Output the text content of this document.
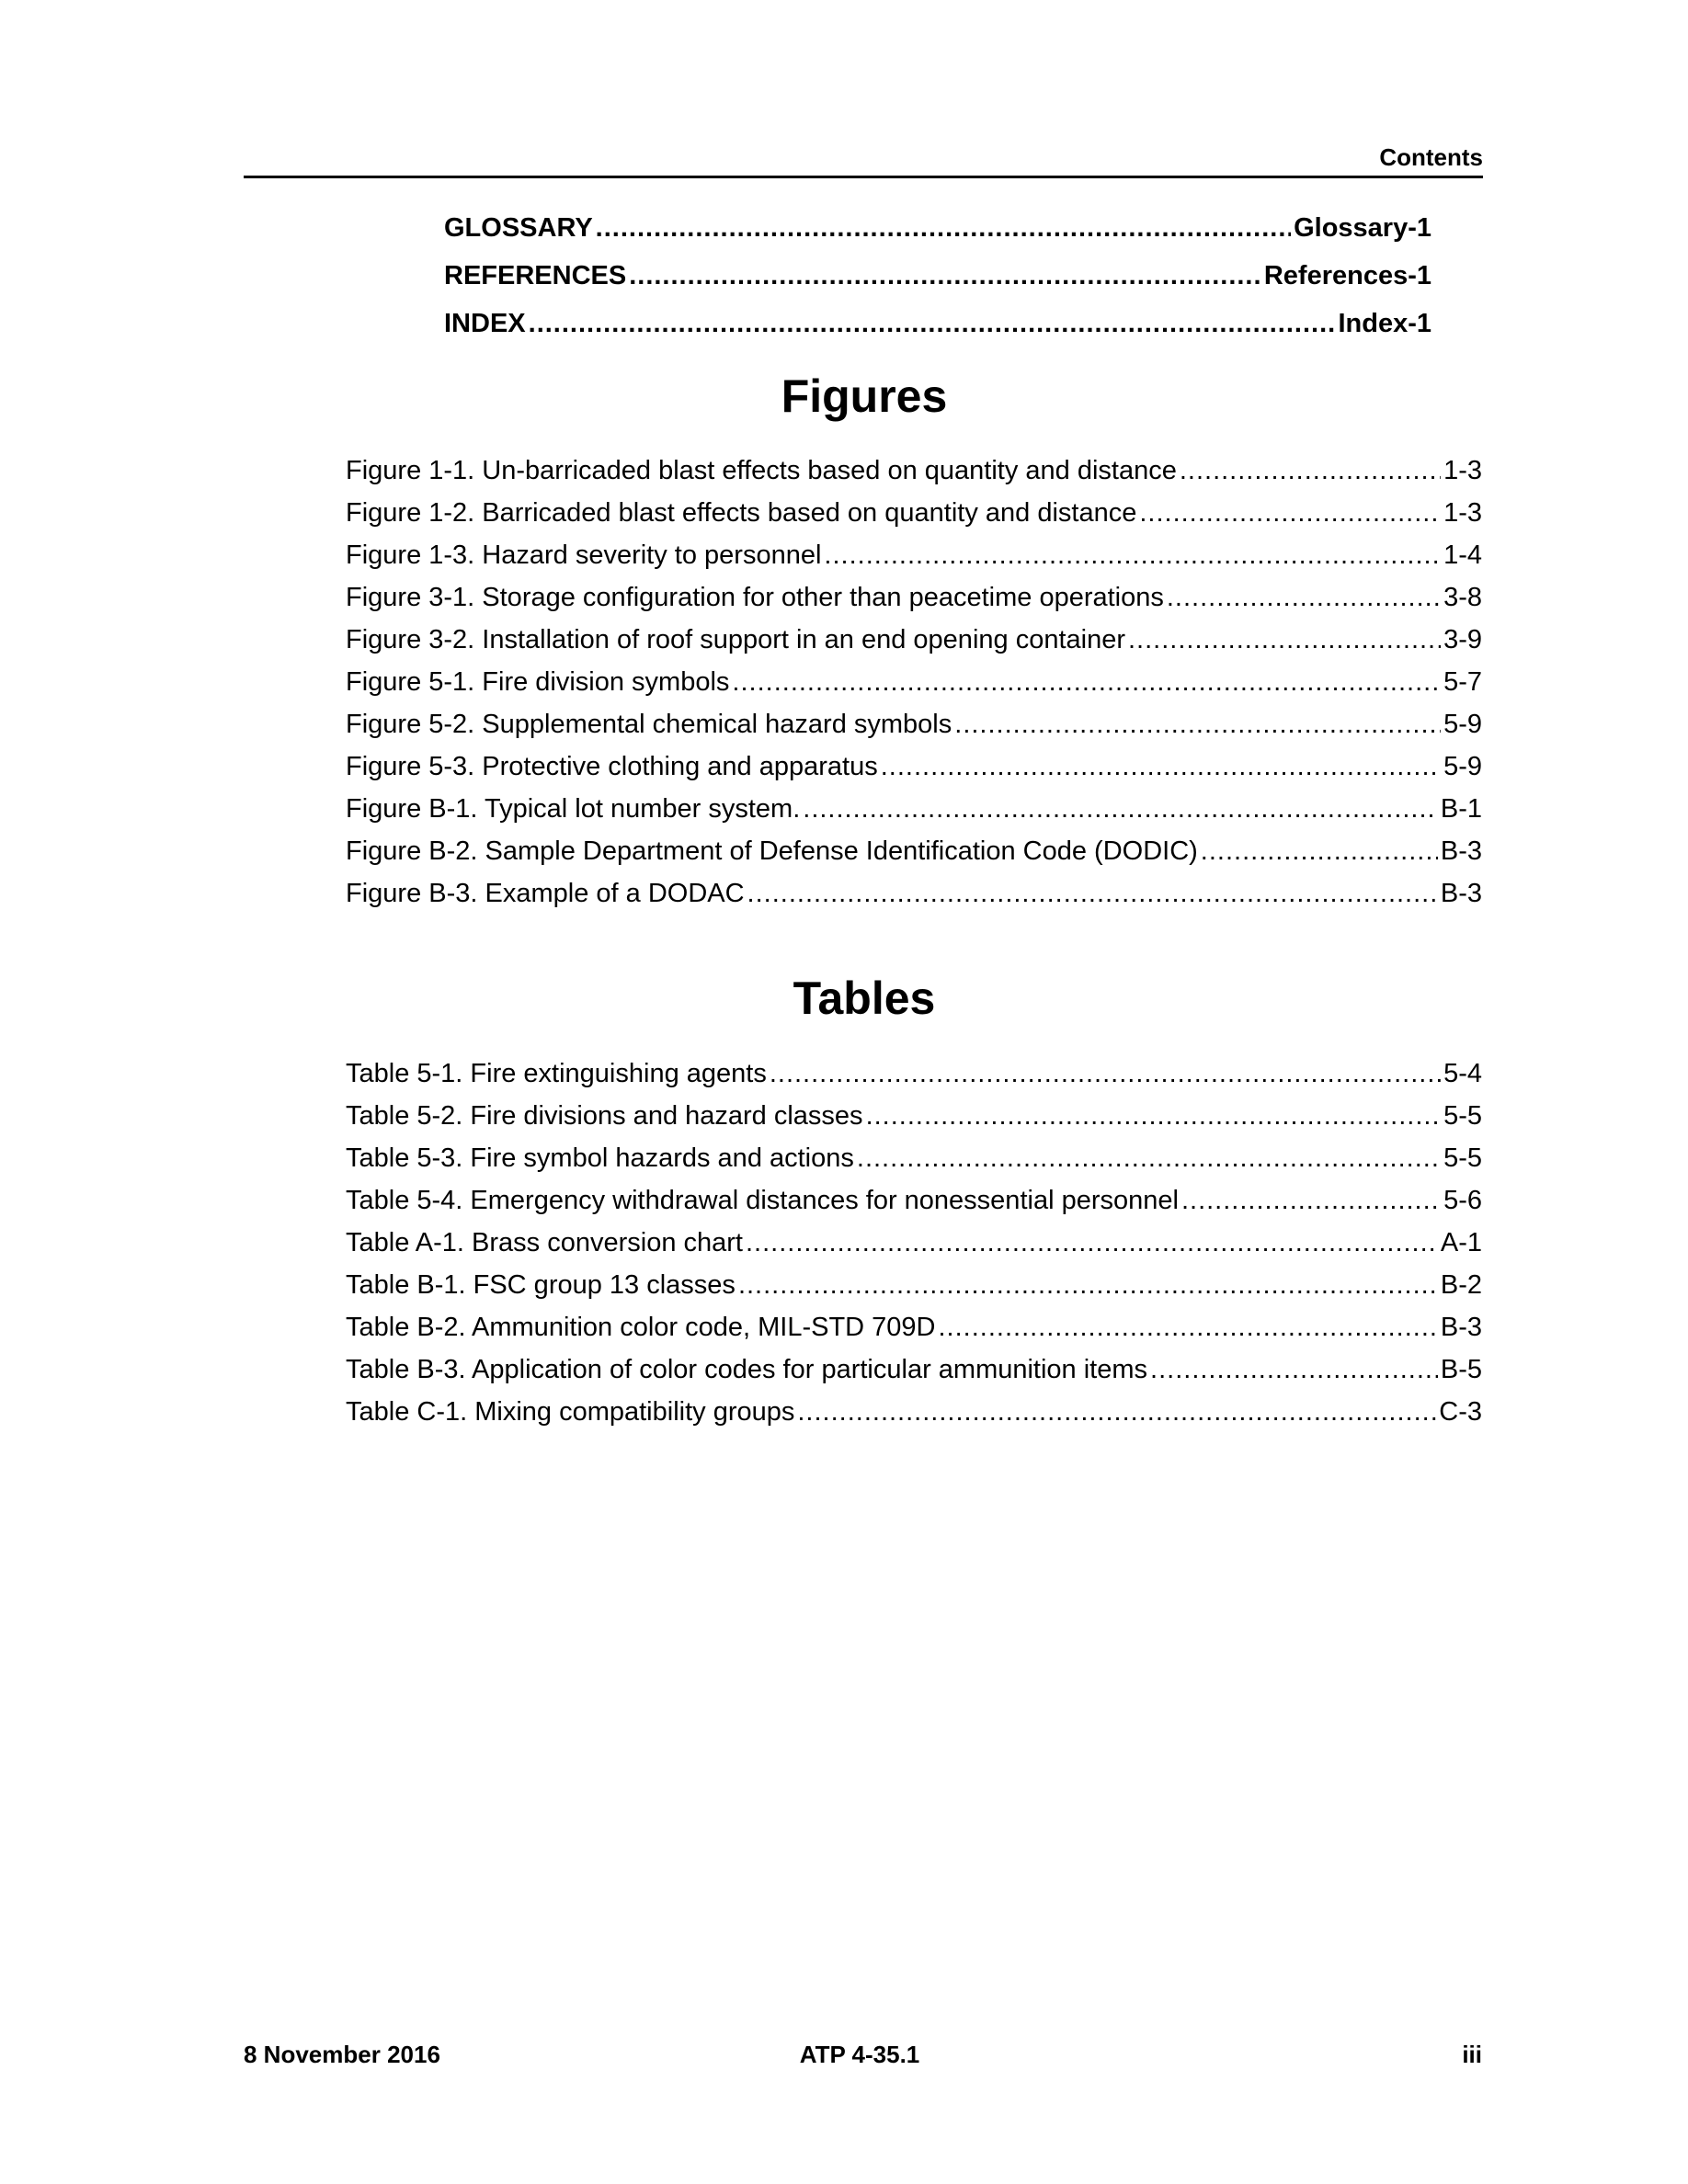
Contents
GLOSSARY .....	Glossary-1
REFERENCES .....	References-1
INDEX .....	Index-1
Figures
Figure 1-1. Un-barricaded blast effects based on quantity and distance .....	1-3
Figure 1-2. Barricaded blast effects based on quantity and distance .....	1-3
Figure 1-3. Hazard severity to personnel .....	1-4
Figure 3-1. Storage configuration for other than peacetime operations .....	3-8
Figure 3-2. Installation of roof support in an end opening container .....	3-9
Figure 5-1. Fire division symbols .....	5-7
Figure 5-2. Supplemental chemical hazard symbols .....	5-9
Figure 5-3. Protective clothing and apparatus .....	5-9
Figure B-1. Typical lot number system. .....	B-1
Figure B-2. Sample Department of Defense Identification Code (DODIC) .....	B-3
Figure B-3. Example of a DODAC .....	B-3
Tables
Table 5-1. Fire extinguishing agents .....	5-4
Table 5-2. Fire divisions and hazard classes .....	5-5
Table 5-3. Fire symbol hazards and actions .....	5-5
Table 5-4. Emergency withdrawal distances for nonessential personnel .....	5-6
Table A-1. Brass conversion chart .....	A-1
Table B-1. FSC group 13 classes .....	B-2
Table B-2. Ammunition color code, MIL-STD 709D .....	B-3
Table B-3. Application of color codes for particular ammunition items .....	B-5
Table C-1. Mixing compatibility groups .....	C-3
8 November 2016	ATP 4-35.1	iii
